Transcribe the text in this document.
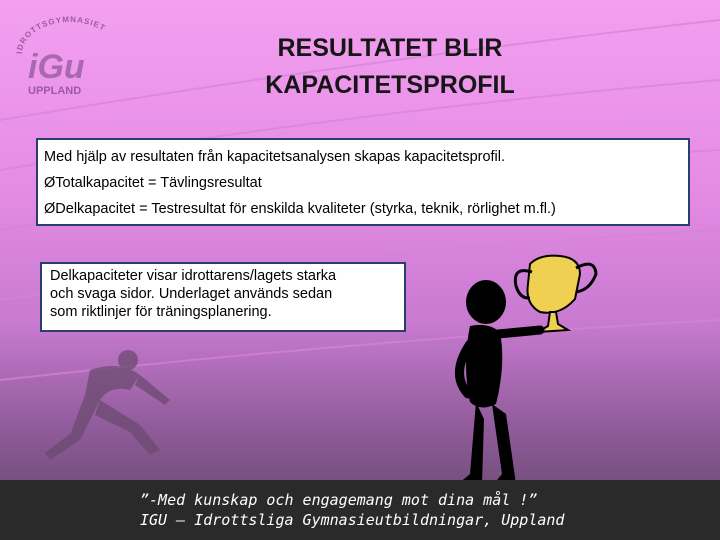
IDROTTSGYMNASIET
iGu
UPPLAND
RESULTATET BLIR
KAPACITETSPROFIL
Med hjälp av resultaten från kapacitetsanalysen skapas kapacitetsprofil.
ØTotalkapacitet = Tävlingsresultat
ØDelkapacitet = Testresultat för enskilda kvaliteter (styrka, teknik, rörlighet m.fl.)
Delkapaciteter visar idrottarens/lagets starka
och svaga sidor. Underlaget används sedan
som riktlinjer för träningsplanering.
”-Med kunskap och engagemang mot dina mål !”
IGU – Idrottsliga Gymnasieutbildningar, Uppland
